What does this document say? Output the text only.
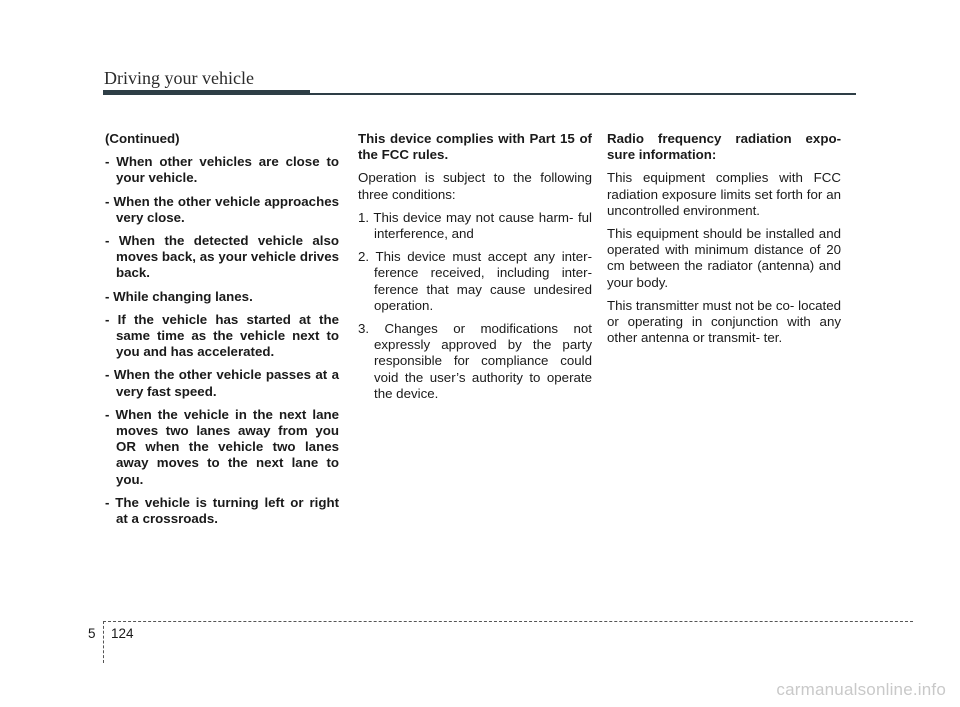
Driving your vehicle

(Continued)

- When other vehicles are close to your vehicle.
- When the other vehicle approaches very close.
- When the detected vehicle also moves back, as your vehicle drives back.
- While changing lanes.
- If the vehicle has started at the same time as the vehicle next to you and has accelerated.
- When the other vehicle passes at a very fast speed.
- When the vehicle in the next lane moves two lanes away from you OR when the vehicle two lanes away moves to the next lane to you.
- The vehicle is turning left or right at a crossroads.

This device complies with Part 15 of the FCC rules.

Operation is subject to the following three conditions:

1. This device may not cause harm- ful interference, and
2. This device must accept any inter- ference received, including inter- ference that may cause undesired operation.
3. Changes or modifications not expressly approved by the party responsible for compliance could void the user’s authority to operate the device.

Radio frequency radiation expo- sure information:

This equipment complies with FCC radiation exposure limits set forth for an uncontrolled environment.

This equipment should be installed and operated with minimum distance of 20 cm between the radiator (antenna) and your body.

This transmitter must not be co- located or operating in conjunction with any other antenna or transmit- ter.

5 124
carmanualsonline.info
